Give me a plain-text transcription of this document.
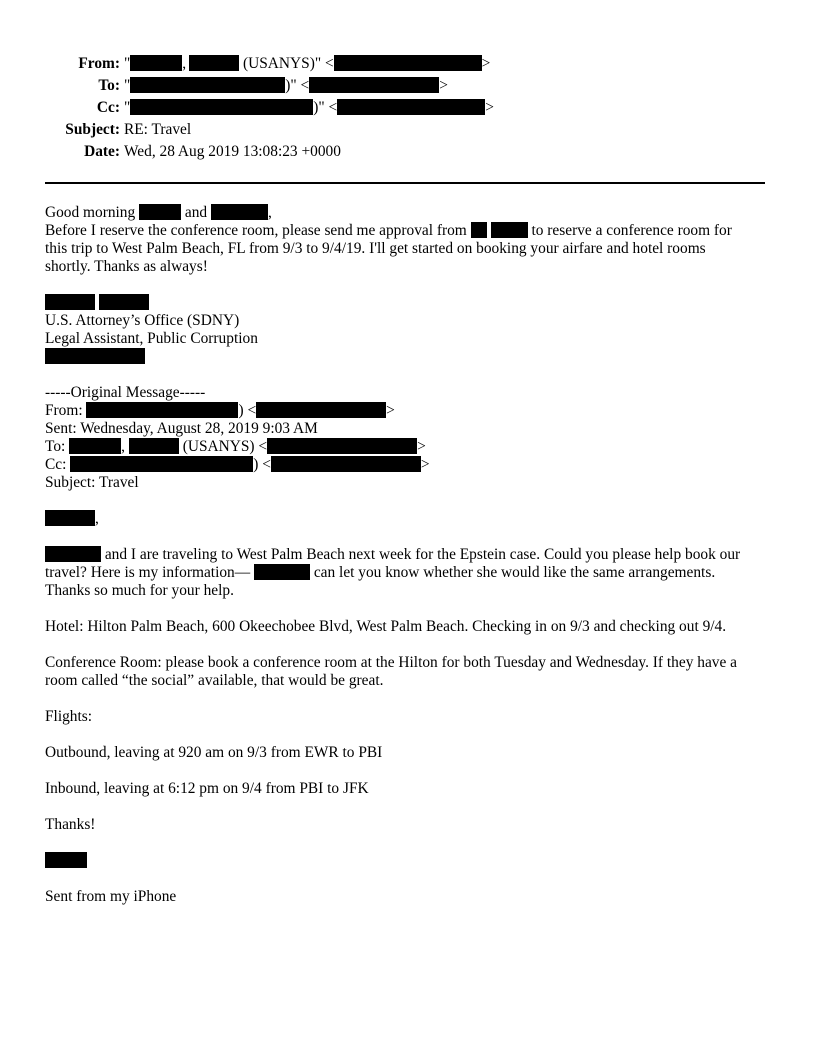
From: "	,	(USANYS)" <	>
To: "	)" <	>
Cc: "	)" <	>
Subject: RE: Travel
Date: Wed, 28 Aug 2019 13:08:23 +0000

Good morning	and	,

Before I reserve the conference room, please send me approval from	to reserve a conference room for

this trip to West Palm Beach, FL from 9/3 to 9/4/19. I'll get started on booking your airfare and hotel rooms

shortly. Thanks as always!

U.S. Attorney’s Office (SDNY)

Legal Assistant, Public Corruption

-----Original Message-----

From:	) <	>

Sent: Wednesday, August 28, 2019 9:03 AM

To:	,	(USANYS) <	>

Cc:	) <	>

Subject: Travel

,

and I are traveling to West Palm Beach next week for the Epstein case. Could you please help book our

travel? Here is my information—	can let you know whether she would like the same arrangements.

Thanks so much for your help.

Hotel: Hilton Palm Beach, 600 Okeechobee Blvd, West Palm Beach. Checking in on 9/3 and checking out 9/4.

Conference Room: please book a conference room at the Hilton for both Tuesday and Wednesday. If they have a

room called “the social” available, that would be great.

Flights:

Outbound, leaving at 920 am on 9/3 from EWR to PBI

Inbound, leaving at 6:12 pm on 9/4 from PBI to JFK

Thanks!

Sent from my iPhone
